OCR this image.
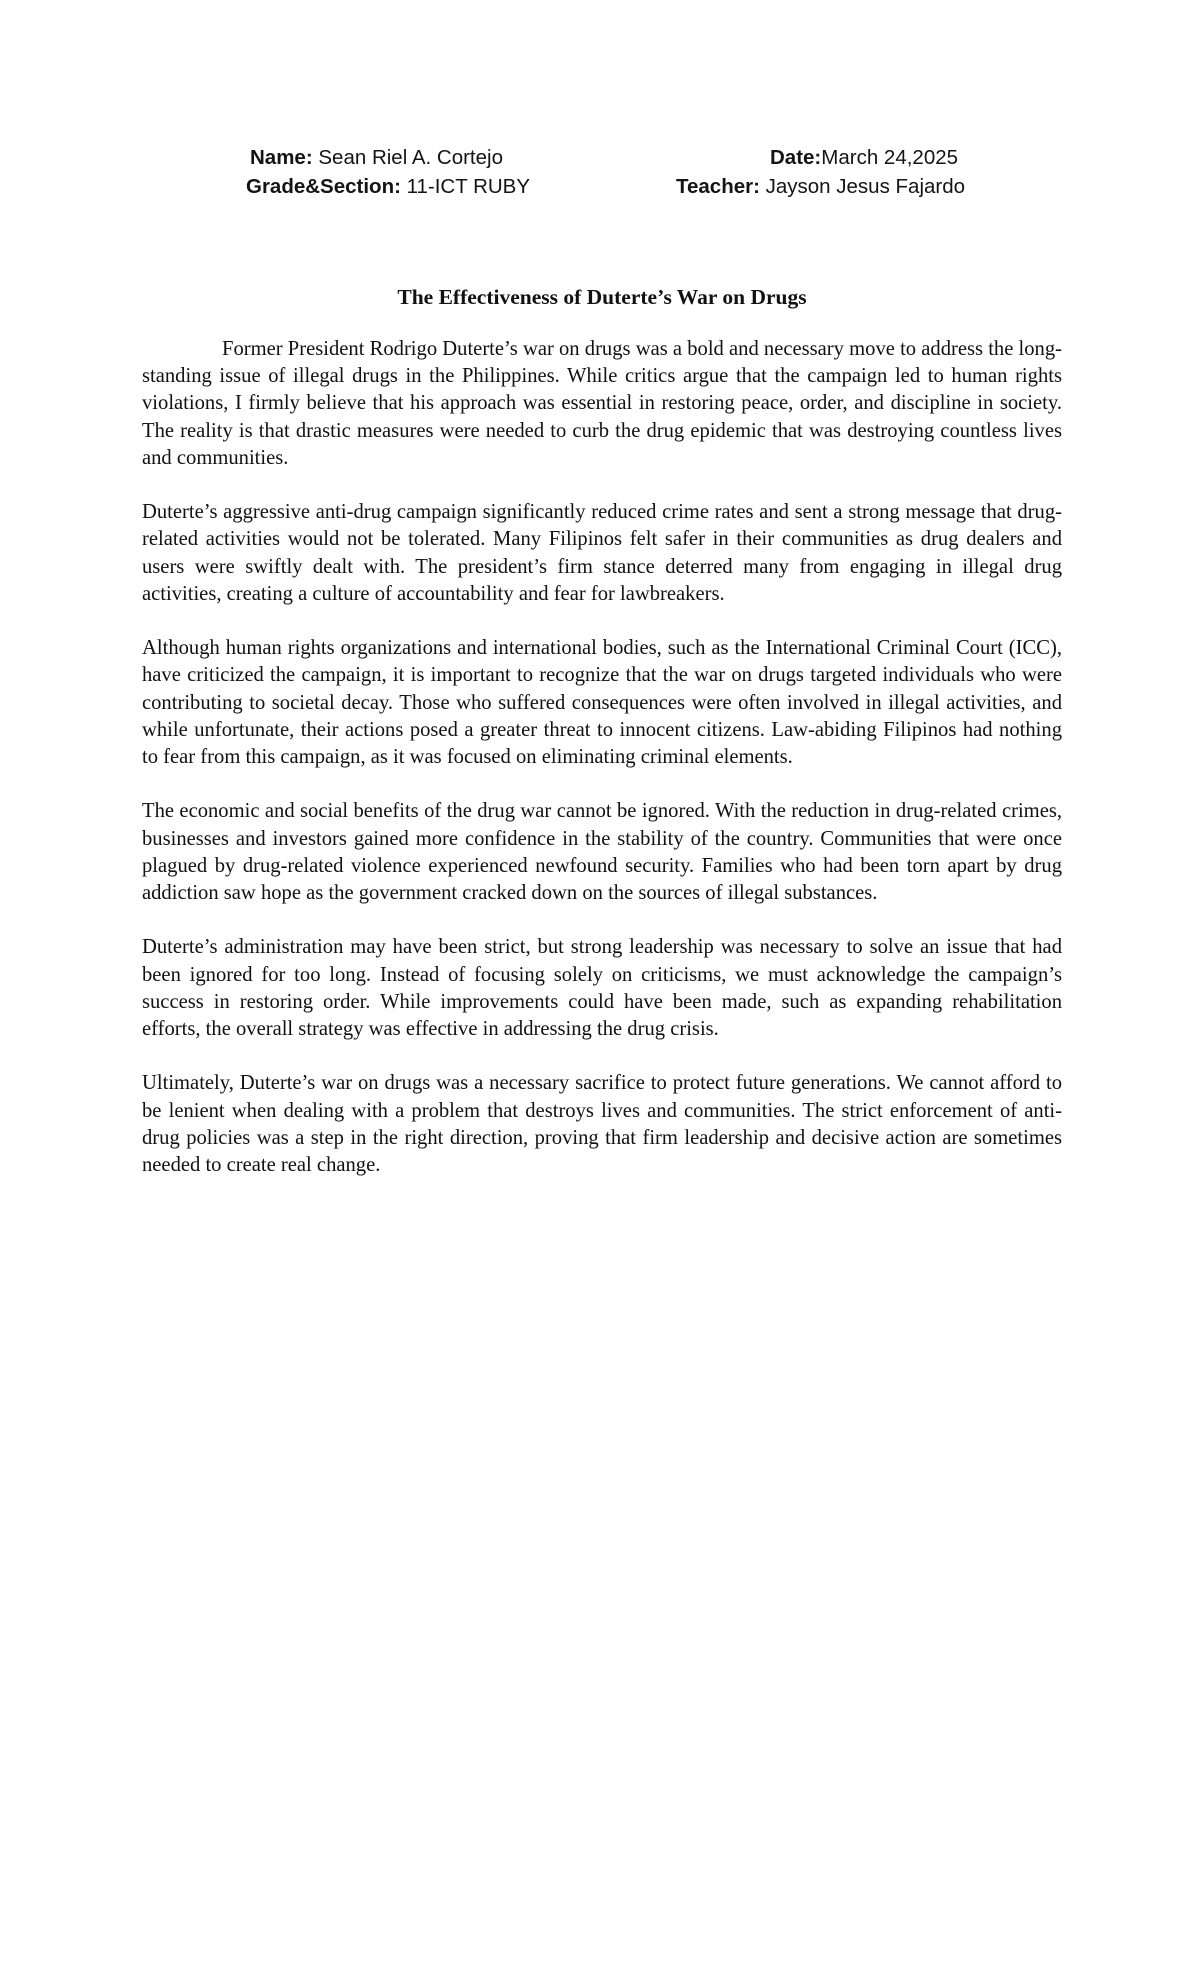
Name: Sean Riel A. Cortejo
Grade&Section: 11-ICT RUBY
Date:March 24,2025
Teacher: Jayson Jesus Fajardo
The Effectiveness of Duterte’s War on Drugs

Former President Rodrigo Duterte’s war on drugs was a bold and necessary move to address the long-standing issue of illegal drugs in the Philippines. While critics argue that the campaign led to human rights violations, I firmly believe that his approach was essential in restoring peace, order, and discipline in society. The reality is that drastic measures were needed to curb the drug epidemic that was destroying countless lives and communities.

Duterte’s aggressive anti-drug campaign significantly reduced crime rates and sent a strong message that drug-related activities would not be tolerated. Many Filipinos felt safer in their communities as drug dealers and users were swiftly dealt with. The president’s firm stance deterred many from engaging in illegal drug activities, creating a culture of accountability and fear for lawbreakers.

Although human rights organizations and international bodies, such as the International Criminal Court (ICC), have criticized the campaign, it is important to recognize that the war on drugs targeted individuals who were contributing to societal decay. Those who suffered consequences were often involved in illegal activities, and while unfortunate, their actions posed a greater threat to innocent citizens. Law-abiding Filipinos had nothing to fear from this campaign, as it was focused on eliminating criminal elements.

The economic and social benefits of the drug war cannot be ignored. With the reduction in drug-related crimes, businesses and investors gained more confidence in the stability of the country. Communities that were once plagued by drug-related violence experienced newfound security. Families who had been torn apart by drug addiction saw hope as the government cracked down on the sources of illegal substances.

Duterte’s administration may have been strict, but strong leadership was necessary to solve an issue that had been ignored for too long. Instead of focusing solely on criticisms, we must acknowledge the campaign’s success in restoring order. While improvements could have been made, such as expanding rehabilitation efforts, the overall strategy was effective in addressing the drug crisis.

Ultimately, Duterte’s war on drugs was a necessary sacrifice to protect future generations. We cannot afford to be lenient when dealing with a problem that destroys lives and communities. The strict enforcement of anti-drug policies was a step in the right direction, proving that firm leadership and decisive action are sometimes needed to create real change.
